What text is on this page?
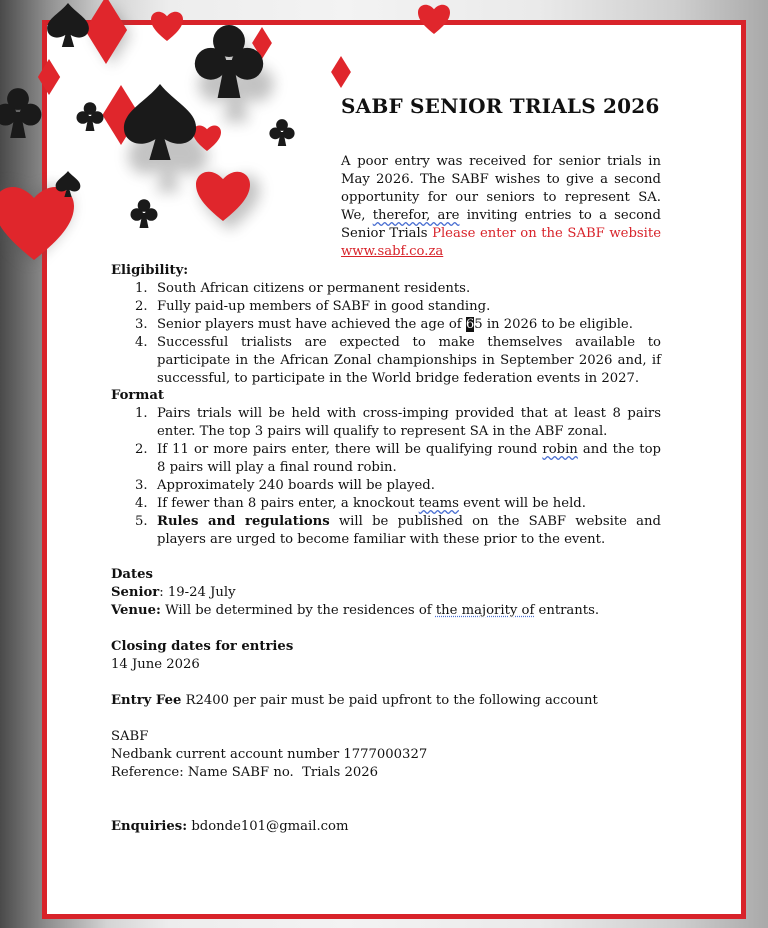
SABF SENIOR TRIALS 2026
A poor entry was received for senior trials in May 2026. The SABF wishes to give a second opportunity for our seniors to represent SA. We, therefor, are inviting entries to a second Senior Trials Please enter on the SABF website www.sabf.co.za
Eligibility:
1. South African citizens or permanent residents.
2. Fully paid-up members of SABF in good standing.
3. Senior players must have achieved the age of 65 in 2026 to be eligible.
4. Successful trialists are expected to make themselves available to participate in the African Zonal championships in September 2026 and, if successful, to participate in the World bridge federation events in 2027.
Format
1. Pairs trials will be held with cross-imping provided that at least 8 pairs enter. The top 3 pairs will qualify to represent SA in the ABF zonal.
2. If 11 or more pairs enter, there will be qualifying round robin and the top 8 pairs will play a final round robin.
3. Approximately 240 boards will be played.
4. If fewer than 8 pairs enter, a knockout teams event will be held.
5. Rules and regulations will be published on the SABF website and players are urged to become familiar with these prior to the event.
Dates
Senior: 19-24 July
Venue: Will be determined by the residences of the majority of entrants.
Closing dates for entries
14 June 2026
Entry Fee R2400 per pair must be paid upfront to the following account
SABF
Nedbank current account number 1777000327
Reference: Name SABF no.  Trials 2026
Enquiries: bdonde101@gmail.com
